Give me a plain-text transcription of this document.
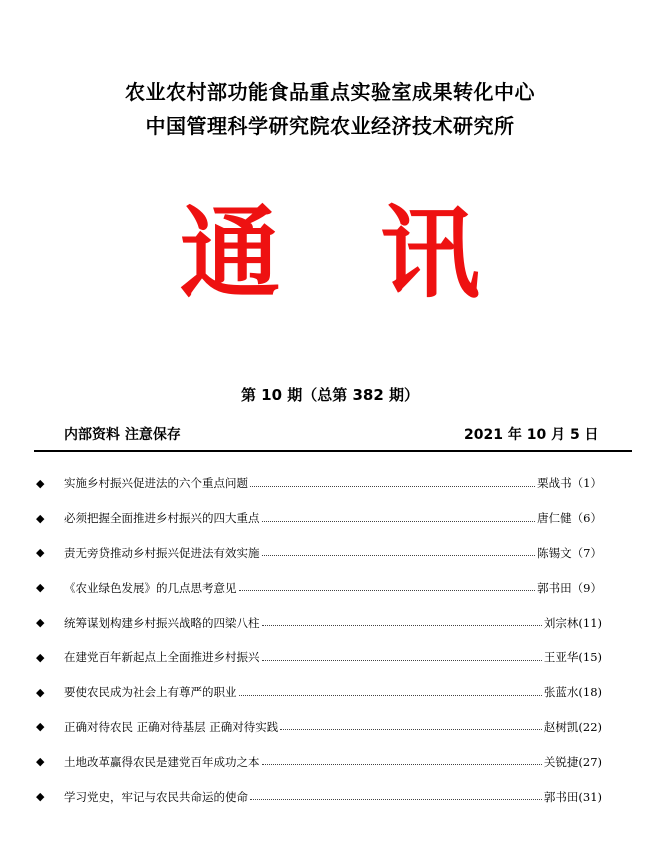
农业农村部功能食品重点实验室成果转化中心
中国管理科学研究院农业经济技术研究所
通 讯
第 10 期（总第 382 期）
内部资料 注意保存	2021 年 10 月 5 日
◆	实施乡村振兴促进法的六个重点问题	栗战书（1）
◆	必须把握全面推进乡村振兴的四大重点	唐仁健（6）
◆	责无旁贷推动乡村振兴促进法有效实施	陈锡文（7）
◆	《农业绿色发展》的几点思考意见	郭书田（9）
◆	统筹谋划构建乡村振兴战略的四梁八柱	刘宗林(11)
◆	在建党百年新起点上全面推进乡村振兴	王亚华(15)
◆	要使农民成为社会上有尊严的职业	张蓝水(18)
◆	正确对待农民 正确对待基层 正确对待实践	赵树凯(22)
◆	土地改革赢得农民是建党百年成功之本	关锐捷(27)
◆	学习党史，牢记与农民共命运的使命	郭书田(31)
